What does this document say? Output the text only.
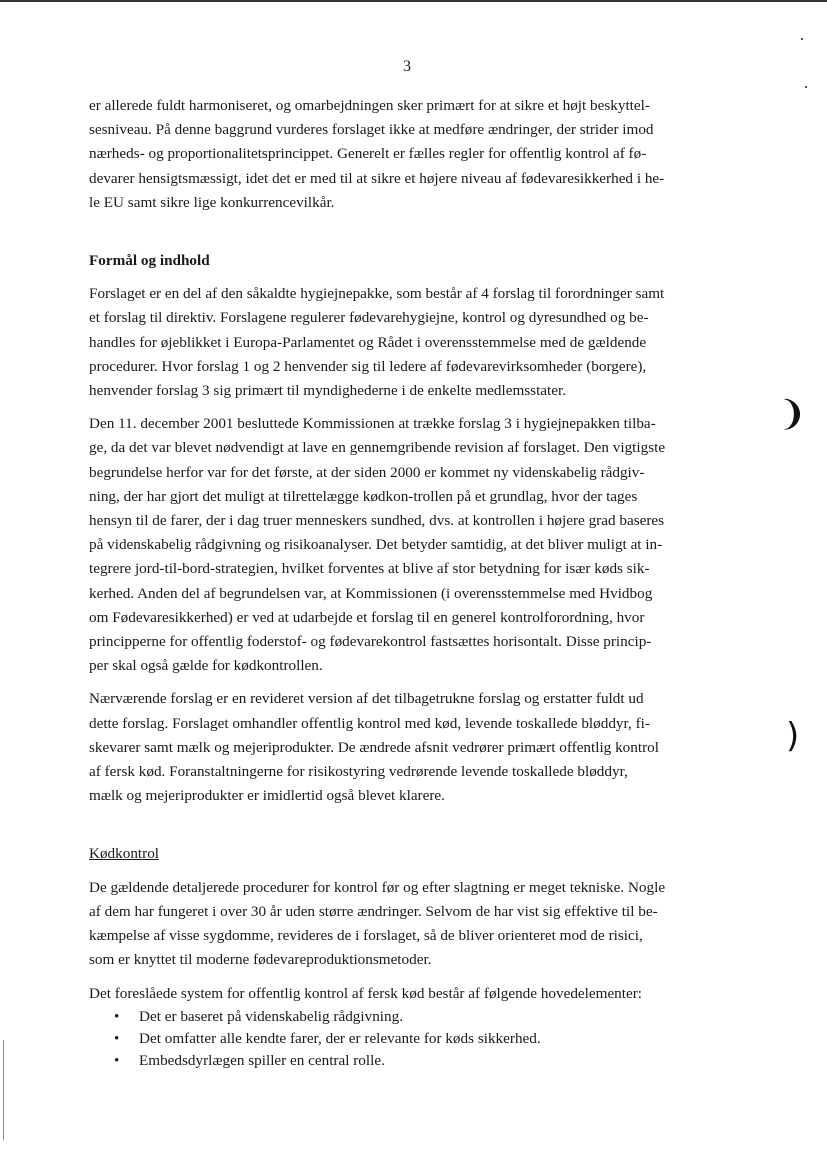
3
❩
)

er allerede fuldt harmoniseret, og omarbejdningen sker primært for at sikre et højt beskyttel-
sesniveau. På denne baggrund vurderes forslaget ikke at medføre ændringer, der strider imod
nærheds- og proportionalitetsprincippet. Generelt er fælles regler for offentlig kontrol af fø-
devarer hensigtsmæssigt, idet det er med til at sikre et højere niveau af fødevaresikkerhed i he-
le EU samt sikre lige konkurrencevilkår.

Formål og indhold

Forslaget er en del af den såkaldte hygiejnepakke, som består af 4 forslag til forordninger samt
et forslag til direktiv. Forslagene regulerer fødevarehygiejne, kontrol og dyresundhed og be-
handles for øjeblikket i Europa-Parlamentet og Rådet i overensstemmelse med de gældende
procedurer. Hvor forslag 1 og 2 henvender sig til ledere af fødevarevirksomheder (borgere),
henvender forslag 3 sig primært til myndighederne i de enkelte medlemsstater.

Den 11. december 2001 besluttede Kommissionen at trække forslag 3 i hygiejnepakken tilba-
ge, da det var blevet nødvendigt at lave en gennemgribende revision af forslaget. Den vigtigste
begrundelse herfor var for det første, at der siden 2000 er kommet ny videnskabelig rådgiv-
ning, der har gjort det muligt at tilrettelægge kødkon-trollen på et grundlag, hvor der tages
hensyn til de farer, der i dag truer menneskers sundhed, dvs. at kontrollen i højere grad baseres
på videnskabelig rådgivning og risikoanalyser. Det betyder samtidig, at det bliver muligt at in-
tegrere jord-til-bord-strategien, hvilket forventes at blive af stor betydning for især køds sik-
kerhed. Anden del af begrundelsen var, at Kommissionen (i overensstemmelse med Hvidbog
om Fødevaresikkerhed) er ved at udarbejde et forslag til en generel kontrolforordning, hvor
principperne for offentlig foderstof- og fødevarekontrol fastsættes horisontalt. Disse princip-
per skal også gælde for kødkontrollen.

Nærværende forslag er en revideret version af det tilbagetrukne forslag og erstatter fuldt ud
dette forslag. Forslaget omhandler offentlig kontrol med kød, levende toskallede bløddyr, fi-
skevarer samt mælk og mejeriprodukter. De ændrede afsnit vedrører primært offentlig kontrol
af fersk kød. Foranstaltningerne for risikostyring vedrørende levende toskallede bløddyr,
mælk og mejeriprodukter er imidlertid også blevet klarere.

Kødkontrol

De gældende detaljerede procedurer for kontrol før og efter slagtning er meget tekniske. Nogle
af dem har fungeret i over 30 år uden større ændringer. Selvom de har vist sig effektive til be-
kæmpelse af visse sygdomme, revideres de i forslaget, så de bliver orienteret mod de risici,
som er knyttet til moderne fødevareproduktionsmetoder.

Det foreslåede system for offentlig kontrol af fersk kød består af følgende hovedelementer:

• Det er baseret på videnskabelig rådgivning.
• Det omfatter alle kendte farer, der er relevante for køds sikkerhed.
• Embedsdyrlægen spiller en central rolle.
